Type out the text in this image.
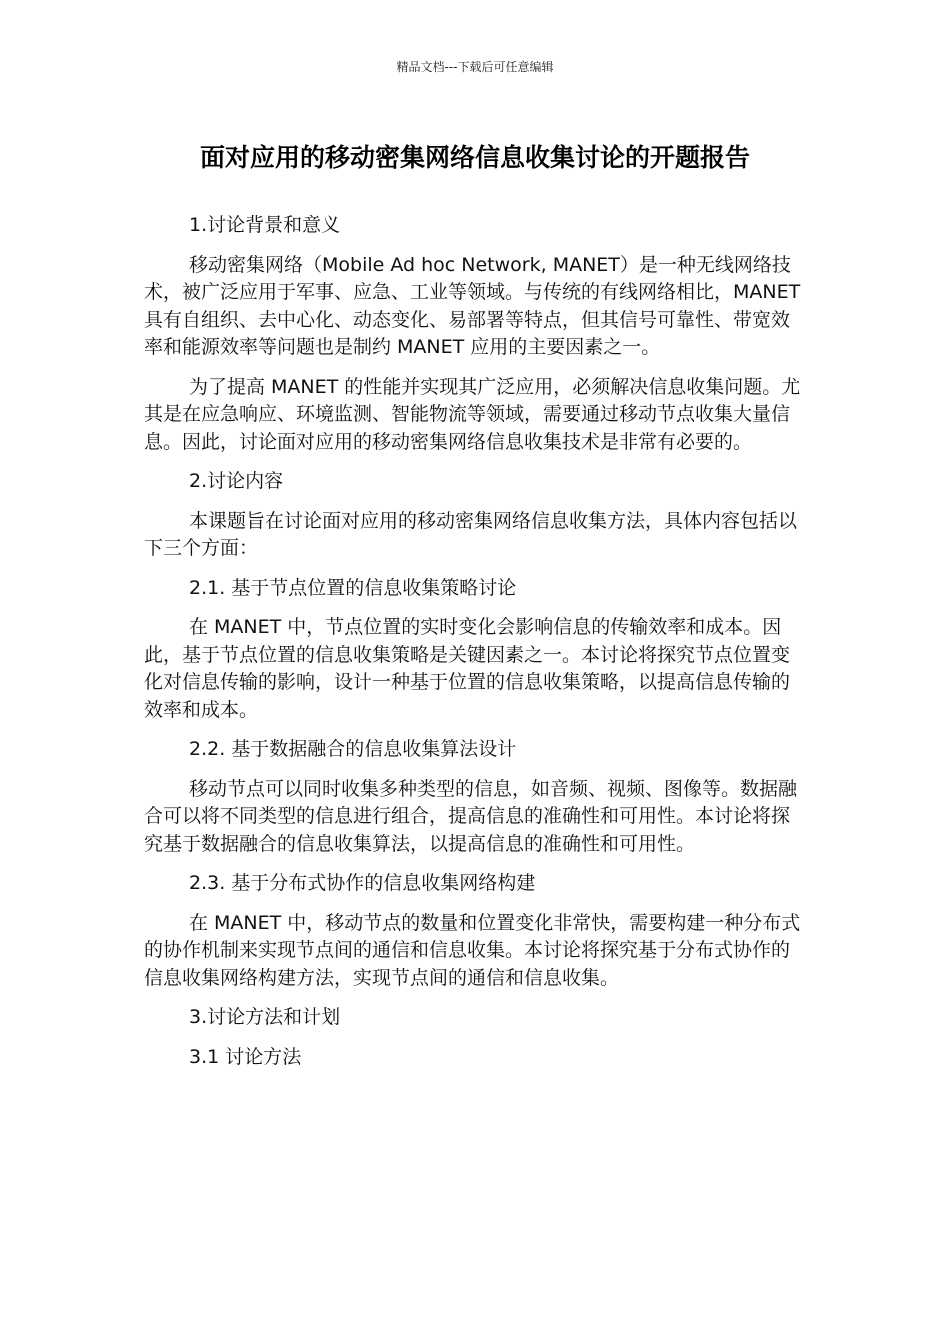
精品文档---下载后可任意编辑
面对应用的移动密集网络信息收集讨论的开题报告

1.讨论背景和意义

移动密集网络（Mobile Ad hoc Network, MANET）是一种无线网络技术，被广泛应用于军事、应急、工业等领域。与传统的有线网络相比，MANET 具有自组织、去中心化、动态变化、易部署等特点，但其信号可靠性、带宽效率和能源效率等问题也是制约 MANET 应用的主要因素之一。

为了提高 MANET 的性能并实现其广泛应用，必须解决信息收集问题。尤其是在应急响应、环境监测、智能物流等领域，需要通过移动节点收集大量信息。因此，讨论面对应用的移动密集网络信息收集技术是非常有必要的。

2.讨论内容

本课题旨在讨论面对应用的移动密集网络信息收集方法，具体内容包括以下三个方面：

2.1. 基于节点位置的信息收集策略讨论

在 MANET 中，节点位置的实时变化会影响信息的传输效率和成本。因此，基于节点位置的信息收集策略是关键因素之一。本讨论将探究节点位置变化对信息传输的影响，设计一种基于位置的信息收集策略，以提高信息传输的效率和成本。

2.2. 基于数据融合的信息收集算法设计

移动节点可以同时收集多种类型的信息，如音频、视频、图像等。数据融合可以将不同类型的信息进行组合，提高信息的准确性和可用性。本讨论将探究基于数据融合的信息收集算法，以提高信息的准确性和可用性。

2.3. 基于分布式协作的信息收集网络构建

在 MANET 中，移动节点的数量和位置变化非常快，需要构建一种分布式的协作机制来实现节点间的通信和信息收集。本讨论将探究基于分布式协作的信息收集网络构建方法，实现节点间的通信和信息收集。

3.讨论方法和计划

3.1 讨论方法
